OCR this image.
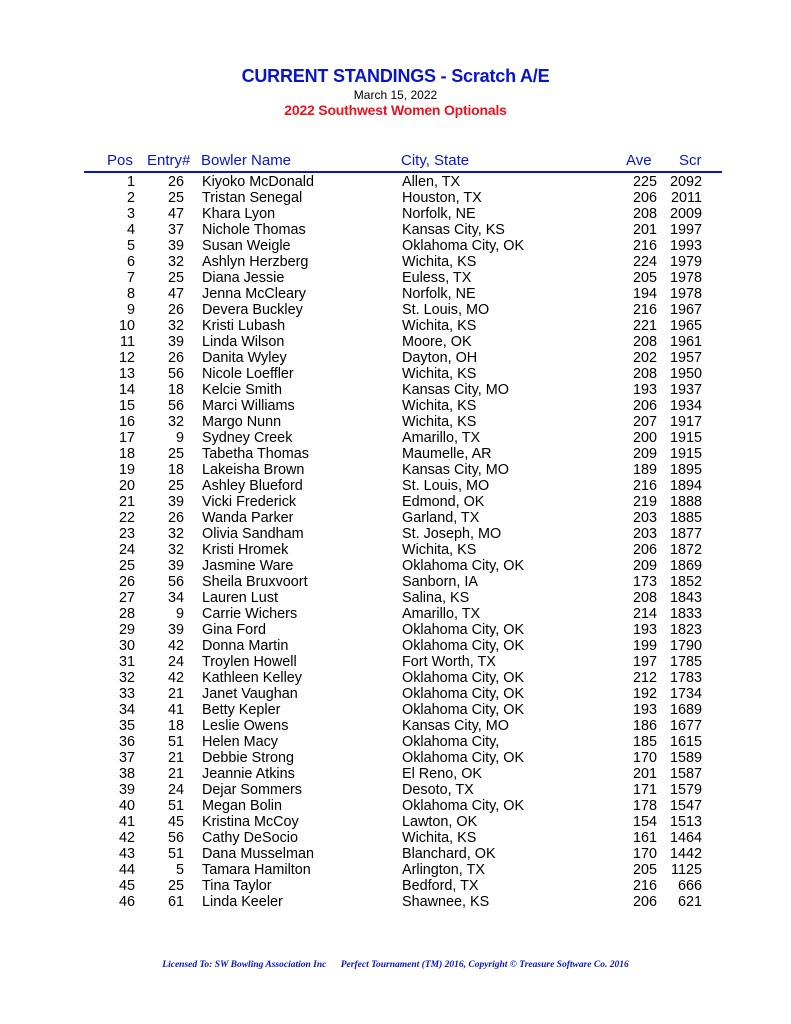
CURRENT STANDINGS - Scratch A/E
March 15, 2022
2022 Southwest Women Optionals
Pos Entry# Bowler Name	City, State	Ave Scr
1 26 Kiyoko McDonald	Allen, TX	225 2092
2 25 Tristan Senegal	Houston, TX	206 2011
3 47 Khara Lyon	Norfolk, NE	208 2009
4 37 Nichole Thomas	Kansas City, KS	201 1997
5 39 Susan Weigle	Oklahoma City, OK	216 1993
6 32 Ashlyn Herzberg	Wichita, KS	224 1979
7 25 Diana Jessie	Euless, TX	205 1978
8 47 Jenna McCleary	Norfolk, NE	194 1978
9 26 Devera Buckley	St. Louis, MO	216 1967
10 32 Kristi Lubash	Wichita, KS	221 1965
11 39 Linda Wilson	Moore, OK	208 1961
12 26 Danita Wyley	Dayton, OH	202 1957
13 56 Nicole Loeffler	Wichita, KS	208 1950
14 18 Kelcie Smith	Kansas City, MO	193 1937
15 56 Marci Williams	Wichita, KS	206 1934
16 32 Margo Nunn	Wichita, KS	207 1917
17	9 Sydney Creek	Amarillo, TX	200 1915
18 25 Tabetha Thomas	Maumelle, AR	209 1915
19 18 Lakeisha Brown	Kansas City, MO	189 1895
20 25 Ashley Blueford	St. Louis, MO	216 1894
21 39 Vicki Frederick	Edmond, OK	219 1888
22 26 Wanda Parker	Garland, TX	203 1885
23 32 Olivia Sandham	St. Joseph, MO	203 1877
24 32 Kristi Hromek	Wichita, KS	206 1872
25 39 Jasmine Ware	Oklahoma City, OK	209 1869
26 56 Sheila Bruxvoort	Sanborn, IA	173 1852
27 34 Lauren Lust	Salina, KS	208 1843
28	9 Carrie Wichers	Amarillo, TX	214 1833
29 39 Gina Ford	Oklahoma City, OK	193 1823
30 42 Donna Martin	Oklahoma City, OK	199 1790
31 24 Troylen Howell	Fort Worth, TX	197 1785
32 42 Kathleen Kelley	Oklahoma City, OK	212 1783
33 21 Janet Vaughan	Oklahoma City, OK	192 1734
34 41 Betty Kepler	Oklahoma City, OK	193 1689
35 18 Leslie Owens	Kansas City, MO	186 1677
36 51 Helen Macy	Oklahoma City,	185 1615
37 21 Debbie Strong	Oklahoma City, OK	170 1589
38 21 Jeannie Atkins	El Reno, OK	201 1587
39 24 Dejar Sommers	Desoto, TX	171 1579
40 51 Megan Bolin	Oklahoma City, OK	178 1547
41 45 Kristina McCoy	Lawton, OK	154 1513
42 56 Cathy DeSocio	Wichita, KS	161 1464
43 51 Dana Musselman	Blanchard, OK	170 1442
44	5 Tamara Hamilton	Arlington, TX	205 1125
45 25 Tina Taylor	Bedford, TX	216 666
46 61 Linda Keeler	Shawnee, KS	206 621
Licensed To: SW Bowling Association Inc Perfect Tournament (TM) 2016, Copyright © Treasure Software Co. 2016
